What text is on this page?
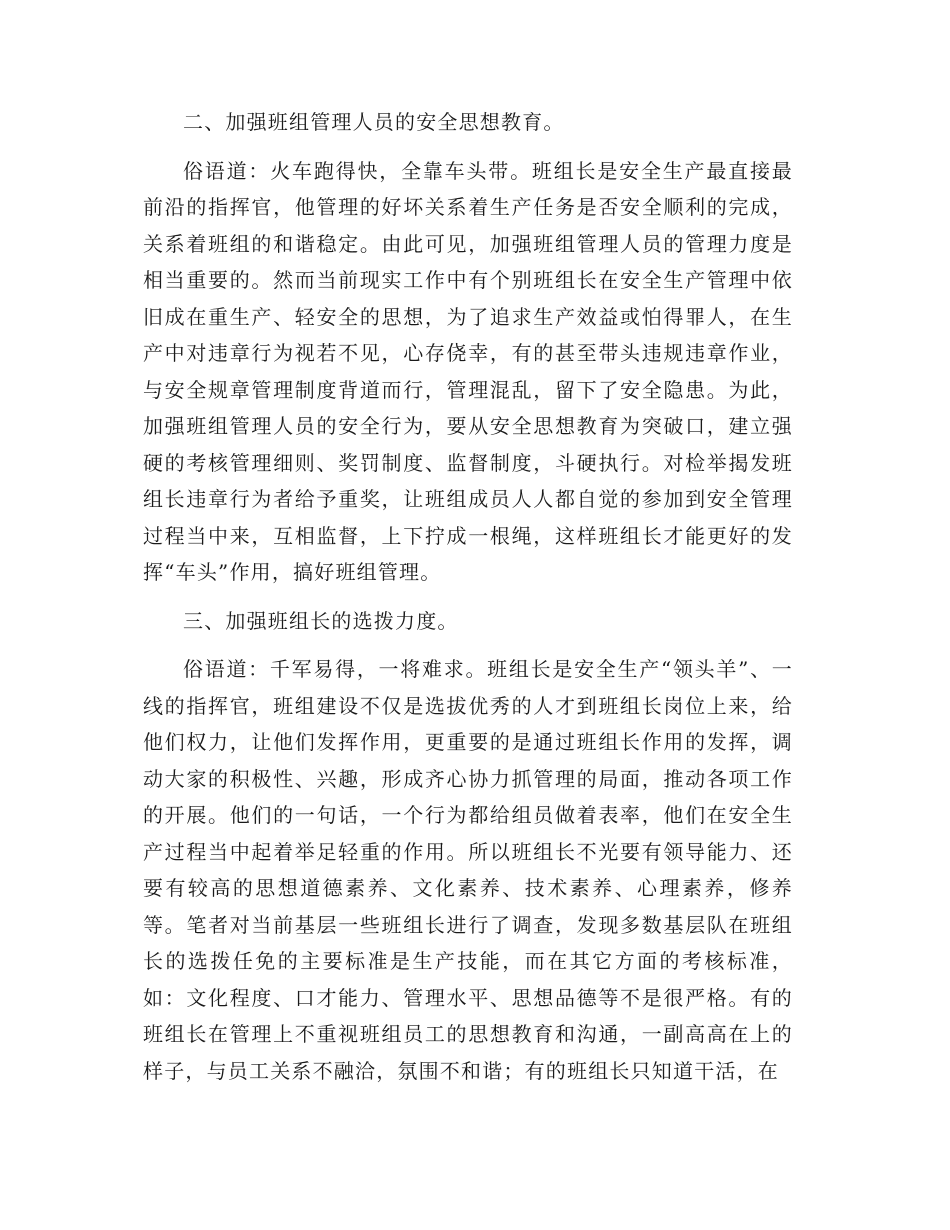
二、加强班组管理人员的安全思想教育。

俗语道：火车跑得快，全靠车头带。班组长是安全生产最直接最前沿的指挥官，他管理的好坏关系着生产任务是否安全顺利的完成，关系着班组的和谐稳定。由此可见，加强班组管理人员的管理力度是相当重要的。然而当前现实工作中有个别班组长在安全生产管理中依旧成在重生产、轻安全的思想，为了追求生产效益或怕得罪人，在生产中对违章行为视若不见，心存侥幸，有的甚至带头违规违章作业，与安全规章管理制度背道而行，管理混乱，留下了安全隐患。为此，加强班组管理人员的安全行为，要从安全思想教育为突破口，建立强硬的考核管理细则、奖罚制度、监督制度，斗硬执行。对检举揭发班组长违章行为者给予重奖，让班组成员人人都自觉的参加到安全管理过程当中来，互相监督，上下拧成一根绳，这样班组长才能更好的发挥“车头”作用，搞好班组管理。

三、加强班组长的选拨力度。

俗语道：千军易得，一将难求。班组长是安全生产“领头羊”、一线的指挥官，班组建设不仅是选拔优秀的人才到班组长岗位上来，给他们权力，让他们发挥作用，更重要的是通过班组长作用的发挥，调动大家的积极性、兴趣，形成齐心协力抓管理的局面，推动各项工作的开展。他们的一句话，一个行为都给组员做着表率，他们在安全生产过程当中起着举足轻重的作用。所以班组长不光要有领导能力、还要有较高的思想道德素养、文化素养、技术素养、心理素养，修养等。笔者对当前基层一些班组长进行了调查，发现多数基层队在班组长的选拨任免的主要标准是生产技能，而在其它方面的考核标准，如：文化程度、口才能力、管理水平、思想品德等不是很严格。有的班组长在管理上不重视班组员工的思想教育和沟通，一副高高在上的样子，与员工关系不融洽，氛围不和谐；有的班组长只知道干活，在
